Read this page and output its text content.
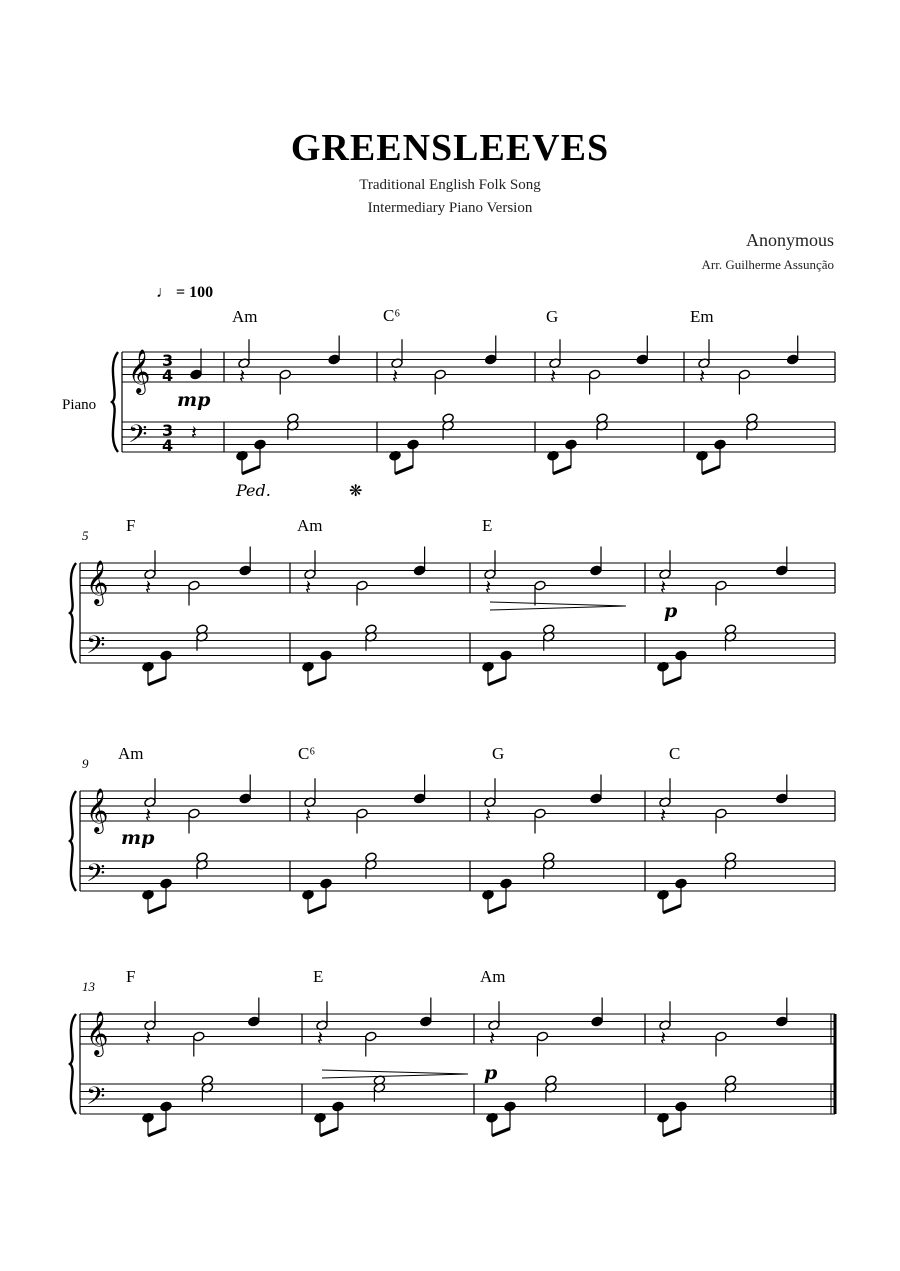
GREENSLEEVES
Traditional English Folk Song
Intermediary Piano Version
Anonymous
Arr. Guilherme Assunção
♩ = 100
Piano
Am	C⁶	G	Em
5
F	Am	E
9
Am	C⁶	G	C
13
F	E	Am
mp
p
mp
p
Ped.	❋
𝄞
𝄢
3
4
3
4
𝄽
𝄽	𝄽	𝄽	𝄽
𝄞
𝄢
𝄽	𝄽	𝄽	𝄽
𝄞
𝄢
𝄽	𝄽	𝄽	𝄽
𝄞
𝄢
𝄽	𝄽	𝄽	𝄽
